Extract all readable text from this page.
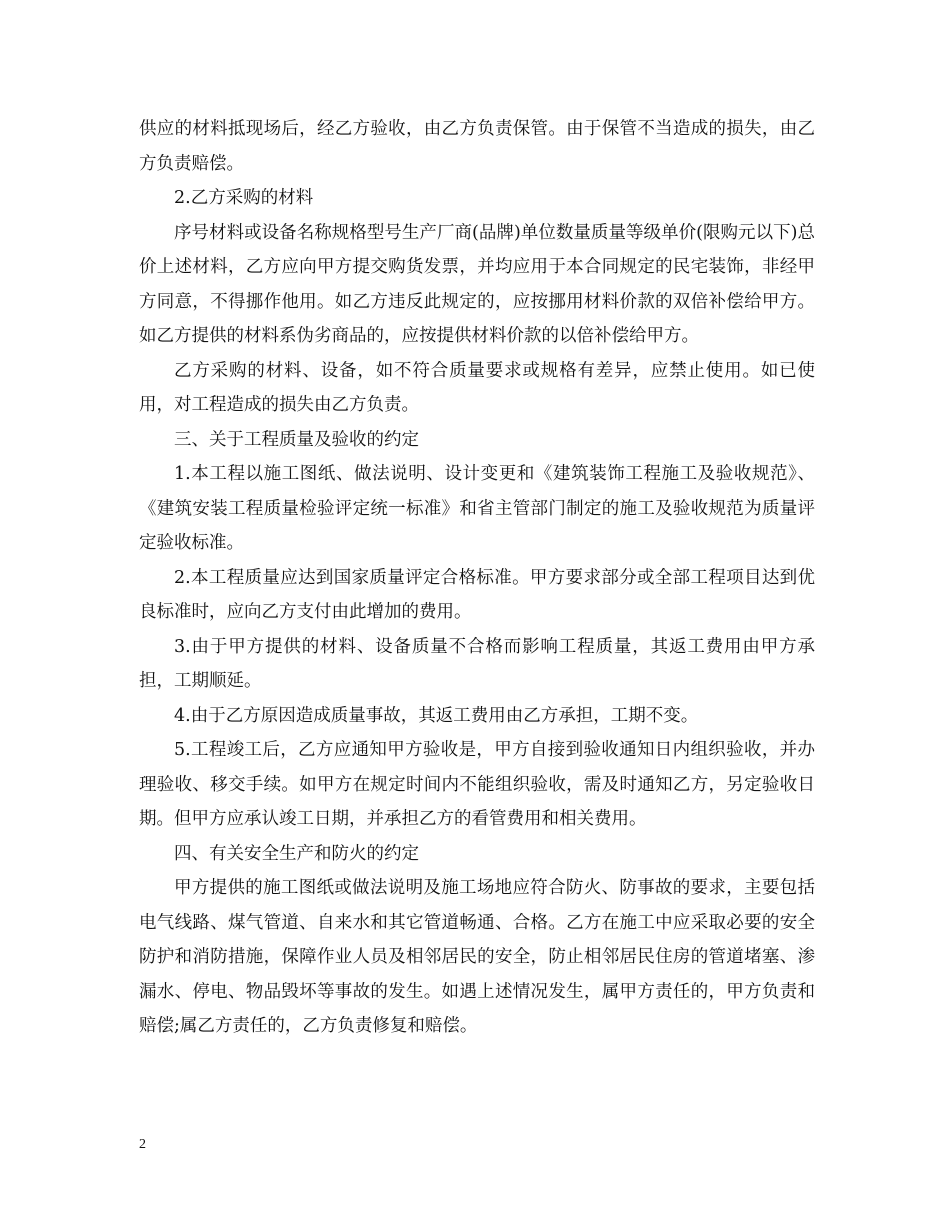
供应的材料抵现场后，经乙方验收，由乙方负责保管。由于保管不当造成的损失，由乙方负责赔偿。

2.乙方采购的材料

序号材料或设备名称规格型号生产厂商(品牌)单位数量质量等级单价(限购元以下)总价上述材料，乙方应向甲方提交购货发票，并均应用于本合同规定的民宅装饰，非经甲方同意，不得挪作他用。如乙方违反此规定的，应按挪用材料价款的双倍补偿给甲方。如乙方提供的材料系伪劣商品的，应按提供材料价款的以倍补偿给甲方。

乙方采购的材料、设备，如不符合质量要求或规格有差异，应禁止使用。如已使用，对工程造成的损失由乙方负责。

三、关于工程质量及验收的约定

1.本工程以施工图纸、做法说明、设计变更和《建筑装饰工程施工及验收规范》、《建筑安装工程质量检验评定统一标准》和省主管部门制定的施工及验收规范为质量评定验收标准。

2.本工程质量应达到国家质量评定合格标准。甲方要求部分或全部工程项目达到优良标准时，应向乙方支付由此增加的费用。

3.由于甲方提供的材料、设备质量不合格而影响工程质量，其返工费用由甲方承担，工期顺延。

4.由于乙方原因造成质量事故，其返工费用由乙方承担，工期不变。

5.工程竣工后，乙方应通知甲方验收是，甲方自接到验收通知日内组织验收，并办理验收、移交手续。如甲方在规定时间内不能组织验收，需及时通知乙方，另定验收日期。但甲方应承认竣工日期，并承担乙方的看管费用和相关费用。

四、有关安全生产和防火的约定

甲方提供的施工图纸或做法说明及施工场地应符合防火、防事故的要求，主要包括电气线路、煤气管道、自来水和其它管道畅通、合格。乙方在施工中应采取必要的安全防护和消防措施，保障作业人员及相邻居民的安全，防止相邻居民住房的管道堵塞、渗漏水、停电、物品毁坏等事故的发生。如遇上述情况发生，属甲方责任的，甲方负责和赔偿;属乙方责任的，乙方负责修复和赔偿。

2
